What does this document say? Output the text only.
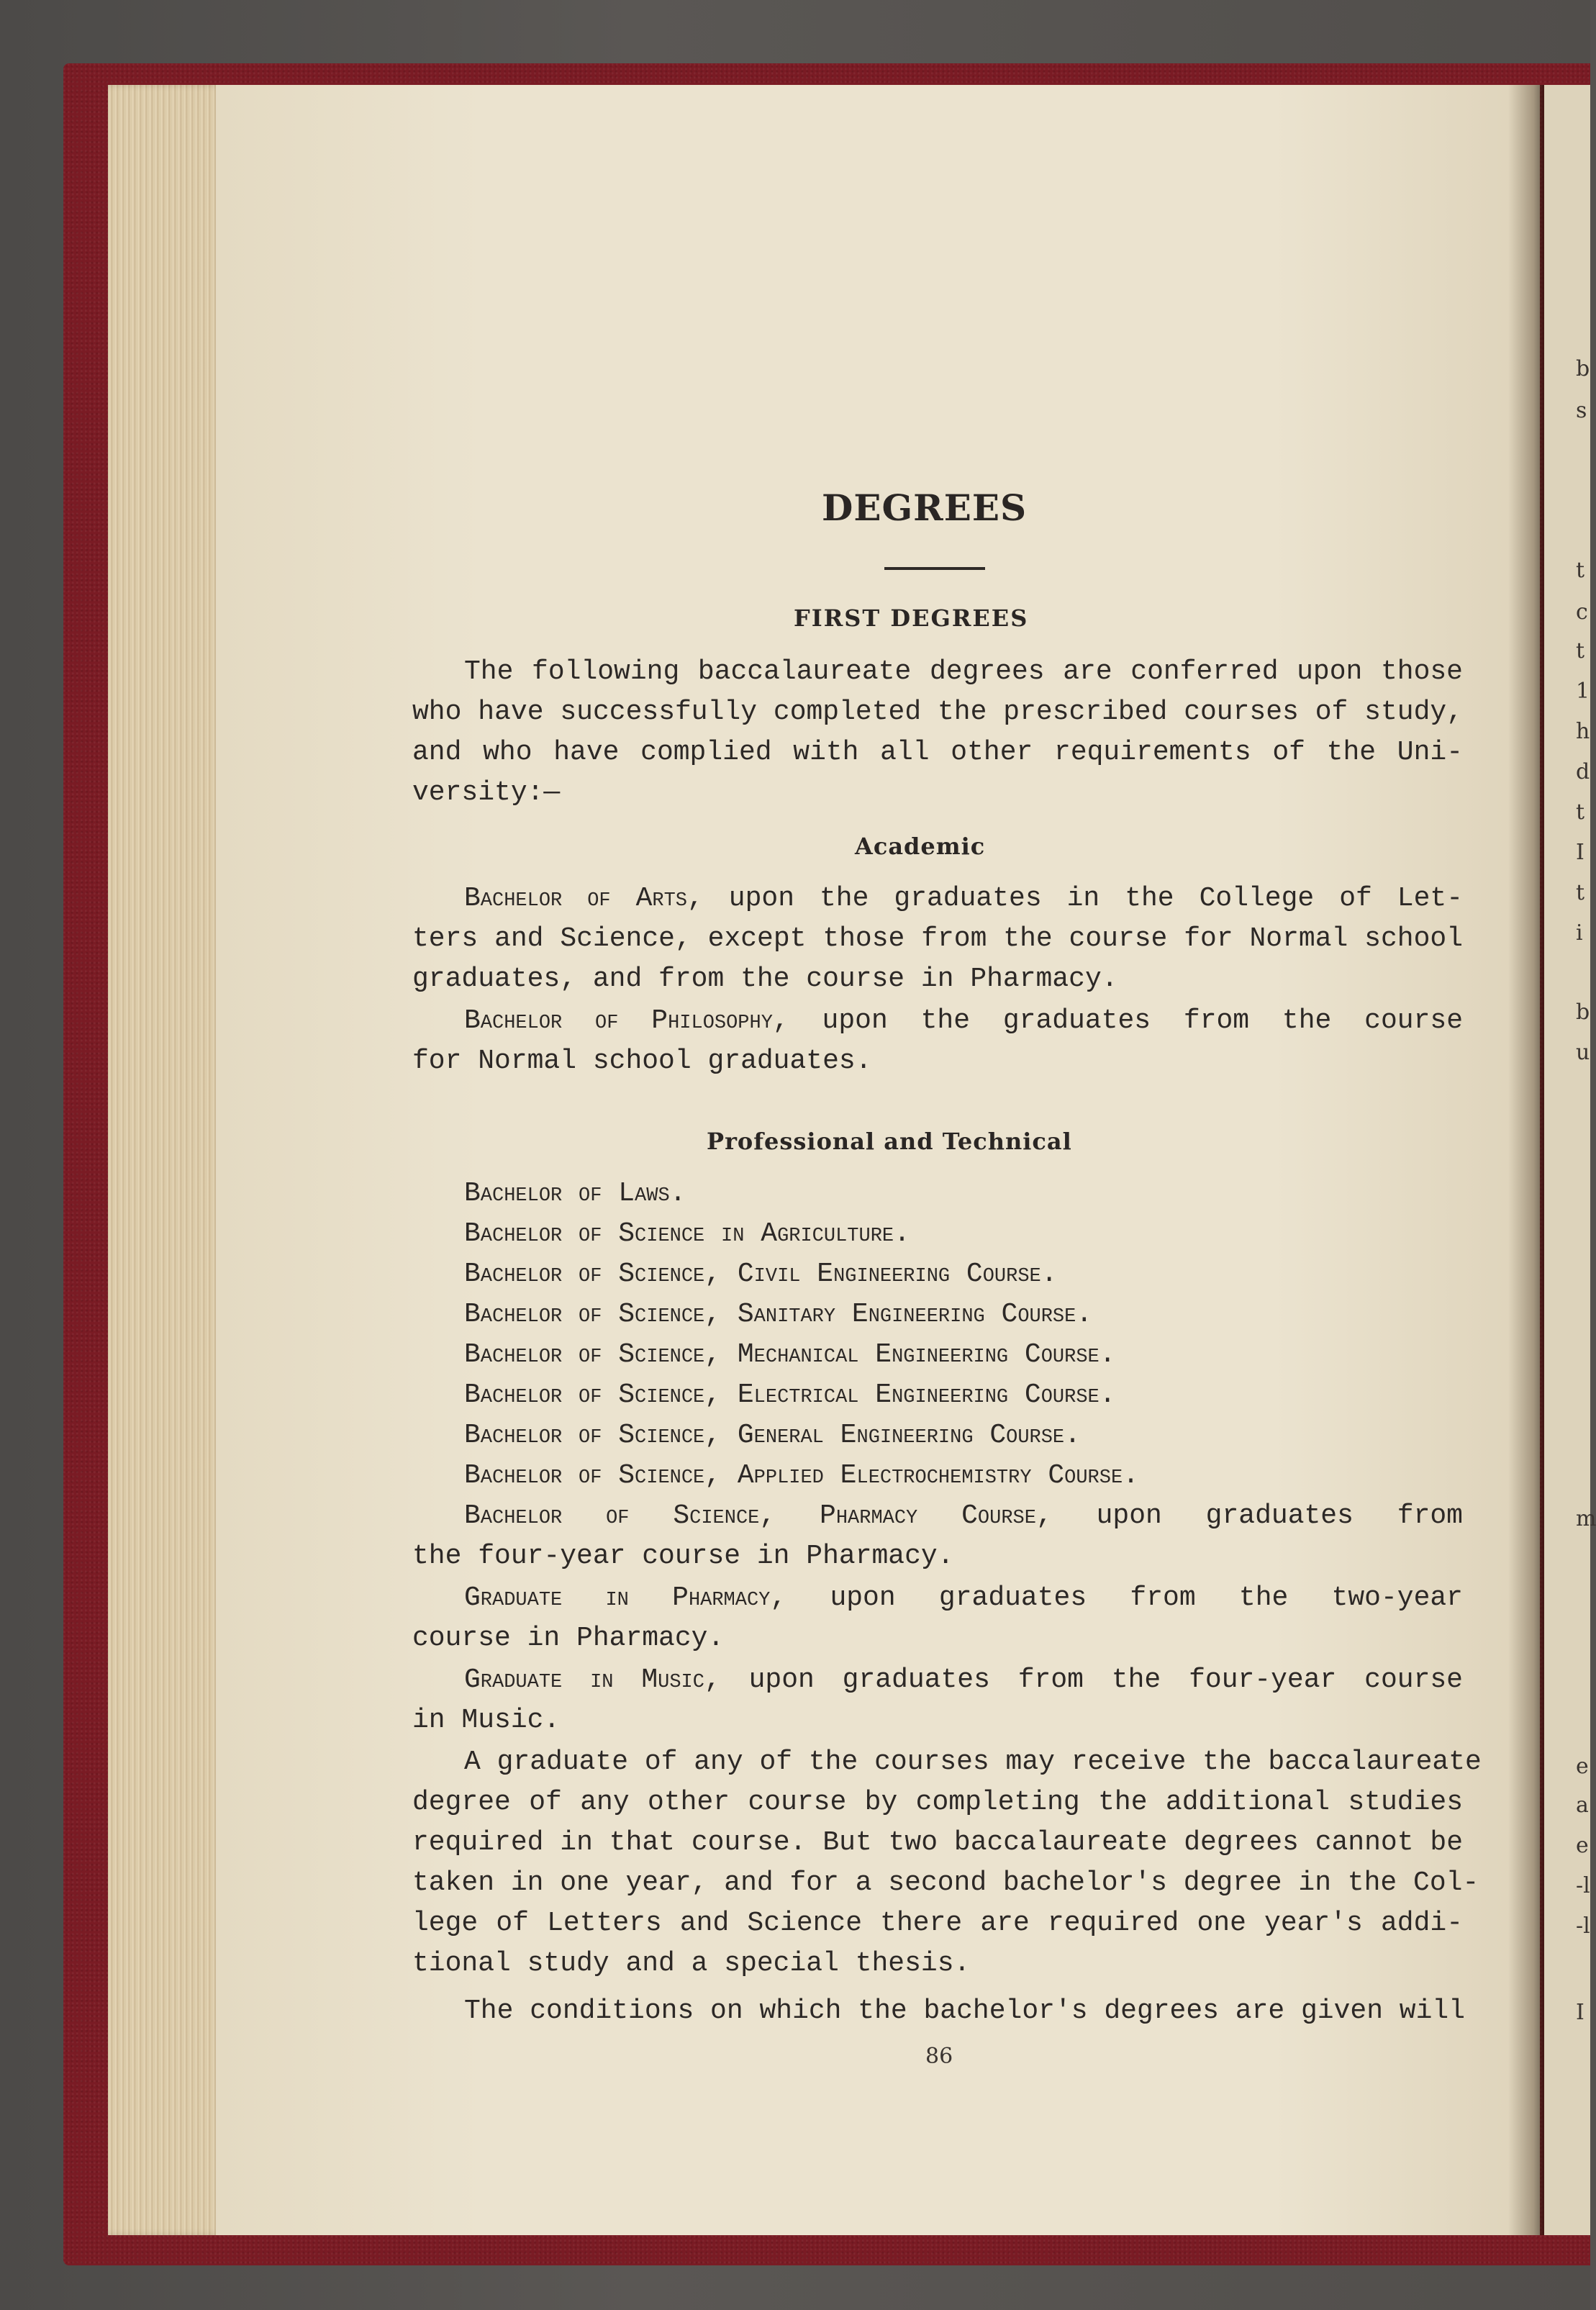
b
s
t
c
t
1
h
d
t
I
t
i
b
u
m
e
a
e
-l
-l
I
DEGREES
FIRST DEGREES
The following baccalaureate degrees are conferred upon those
who have successfully completed the prescribed courses of study,
and who have complied with all other requirements of the Uni-
versity:—
Academic
Bachelor of Arts, upon the graduates in the College of Let-
ters and Science, except those from the course for Normal school
graduates, and from the course in Pharmacy.
Bachelor of Philosophy, upon the graduates from the course
for Normal school graduates.
Professional and Technical
Bachelor of Laws.
Bachelor of Science in Agriculture.
Bachelor of Science, Civil Engineering Course.
Bachelor of Science, Sanitary Engineering Course.
Bachelor of Science, Mechanical Engineering Course.
Bachelor of Science, Electrical Engineering Course.
Bachelor of Science, General Engineering Course.
Bachelor of Science, Applied Electrochemistry Course.
Bachelor of Science, Pharmacy Course, upon graduates from
the four-year course in Pharmacy.
Graduate in Pharmacy, upon graduates from the two-year
course in Pharmacy.
Graduate in Music, upon graduates from the four-year course
in Music.
A graduate of any of the courses may receive the baccalaureate
degree of any other course by completing the additional studies
required in that course. But two baccalaureate degrees cannot be
taken in one year, and for a second bachelor's degree in the Col-
lege of Letters and Science there are required one year's addi-
tional study and a special thesis.
The conditions on which the bachelor's degrees are given will
86
